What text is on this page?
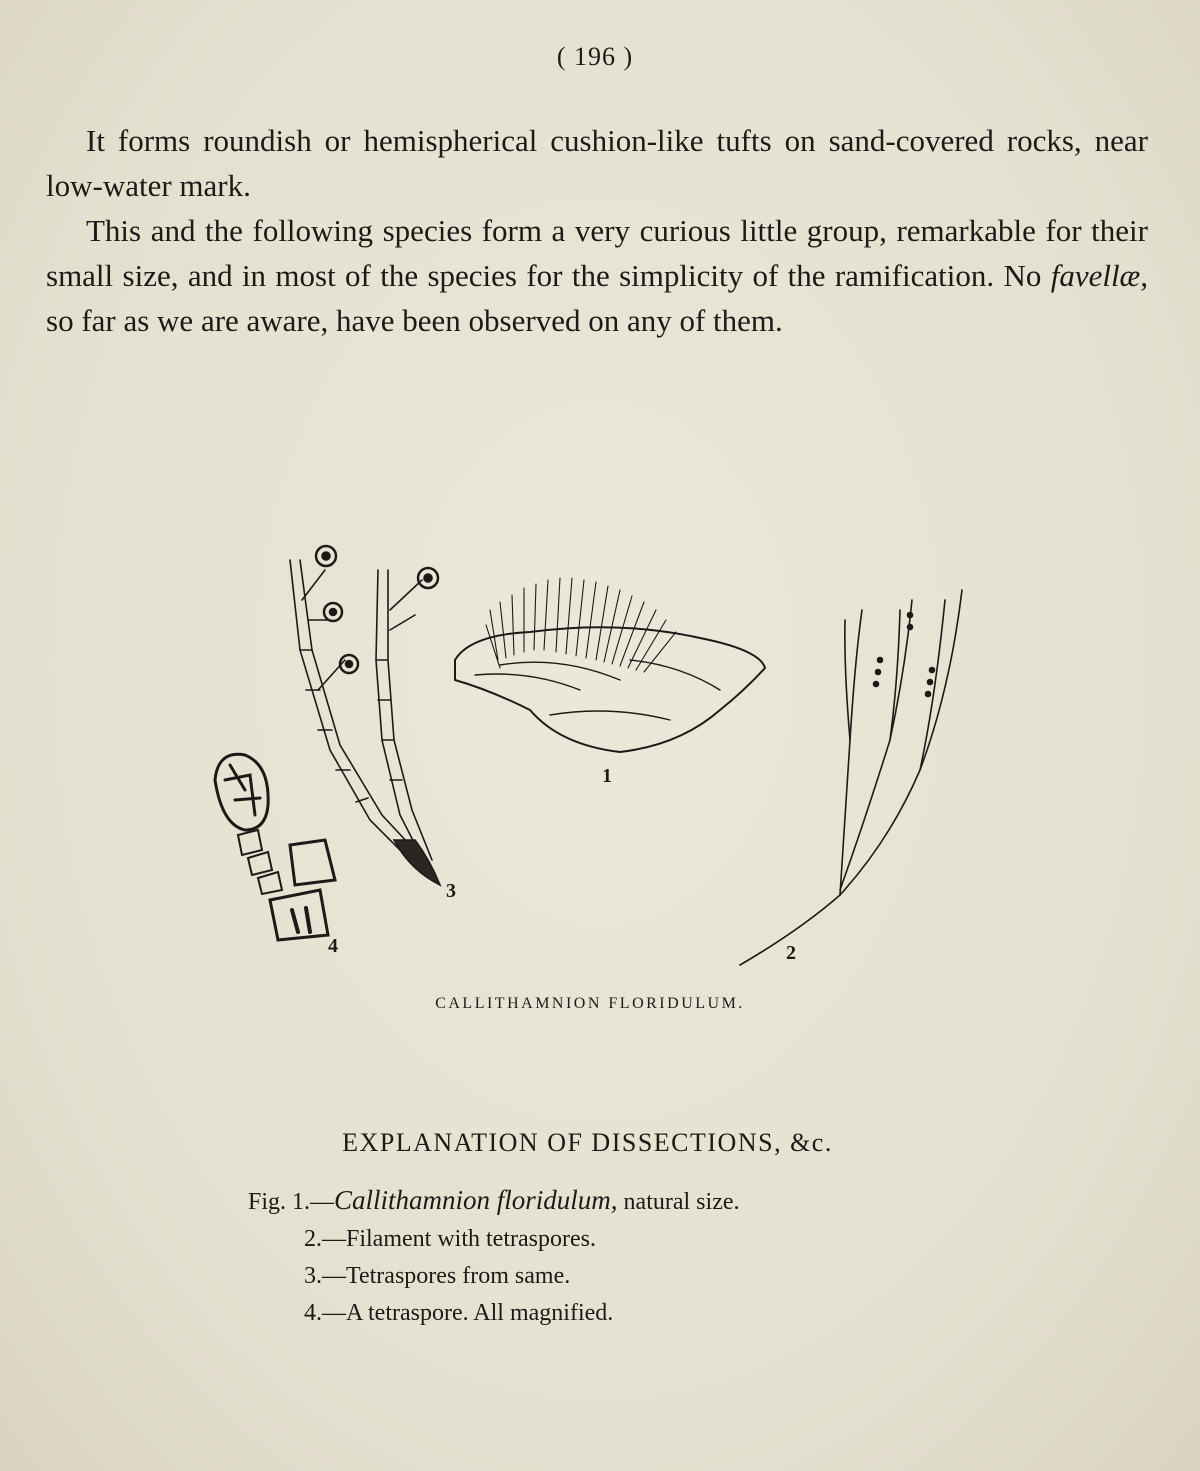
( 196 )

It forms roundish or hemispherical cushion-like tufts on sand-covered rocks, near low-water mark.

This and the following species form a very curious little group, remarkable for their small size, and in most of the species for the simplicity of the ramification. No favellæ, so far as we are aware, have been observed on any of them.

1
2
3
4
CALLITHAMNION FLORIDULUM.
EXPLANATION OF DISSECTIONS, &c.
Fig. 1.—Callithamnion floridulum, natural size.
2.—Filament with tetraspores.
3.—Tetraspores from same.
4.—A tetraspore. All magnified.
